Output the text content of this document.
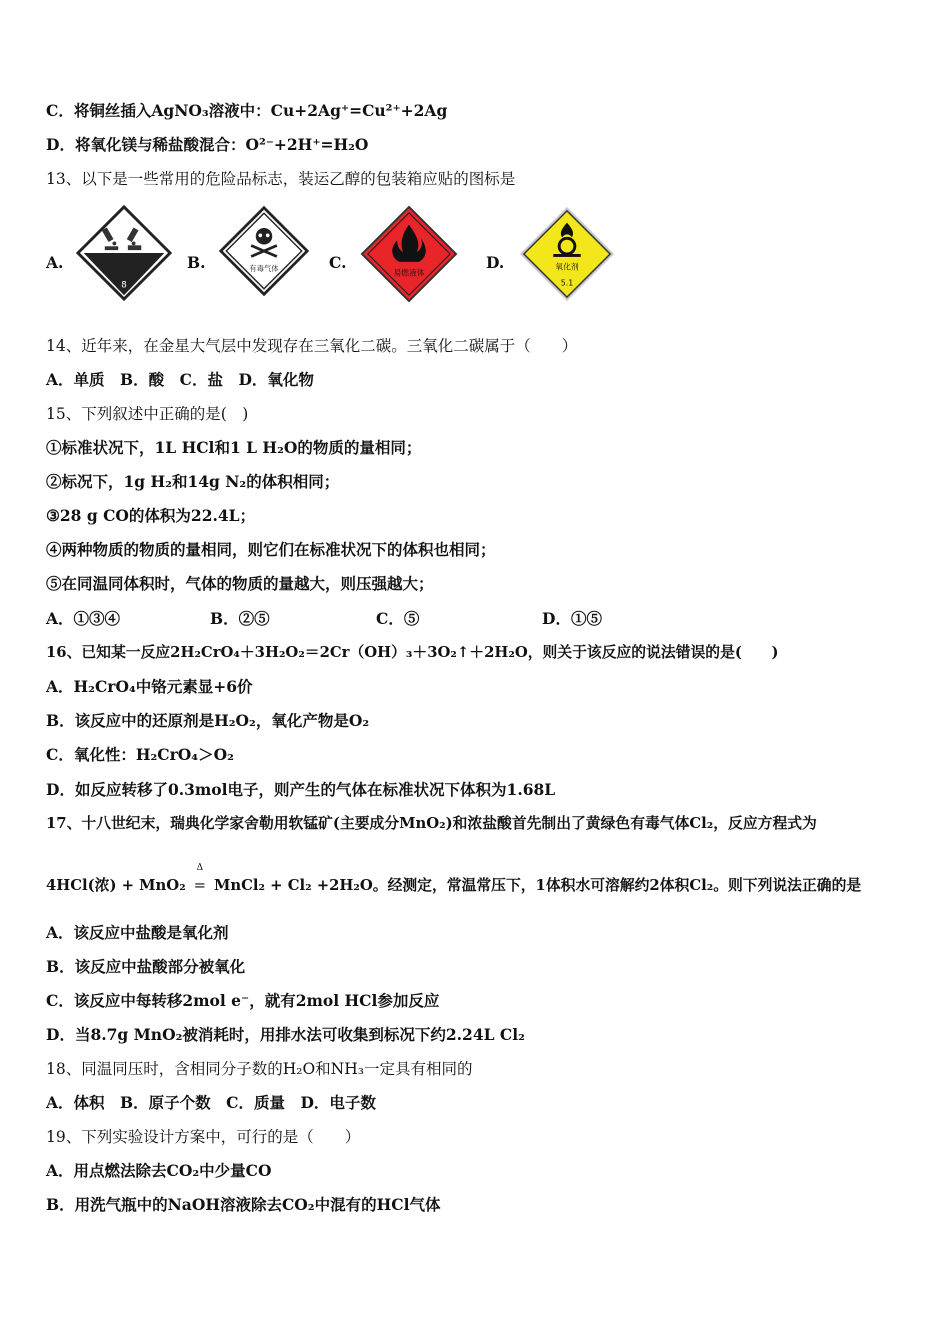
C．将铜丝插入AgNO₃溶液中：Cu+2Ag⁺=Cu²⁺+2Ag
D．将氧化镁与稀盐酸混合：O²⁻+2H⁺=H₂O
13、以下是一些常用的危险品标志，装运乙醇的包装箱应贴的图标是
A.
8
B.	有毒气体	C.
易燃液体
D.	氧化剂
5.1
14、近年来，在金星大气层中发现存在三氧化二碳。三氧化二碳属于（　　）
A．单质　B．酸　C．盐　D．氧化物
15、下列叙述中正确的是(　)
①标准状况下，1L HCl和1 L H₂O的物质的量相同；
②标况下，1g H₂和14g N₂的体积相同；
③28 g CO的体积为22.4L；
④两种物质的物质的量相同，则它们在标准状况下的体积也相同；
⑤在同温同体积时，气体的物质的量越大，则压强越大；
A．①③④	B．②⑤	C．⑤	D．①⑤
16、已知某一反应2H₂CrO₄＋3H₂O₂＝2Cr（OH）₃＋3O₂↑＋2H₂O，则关于该反应的说法错误的是(　　)
A．H₂CrO₄中铬元素显+6价
B．该反应中的还原剂是H₂O₂，氧化产物是O₂
C．氧化性：H₂CrO₄＞O₂
D．如反应转移了0.3mol电子，则产生的气体在标准状况下体积为1.68L
17、十八世纪末，瑞典化学家舍勒用软锰矿(主要成分MnO₂)和浓盐酸首先制出了黄绿色有毒气体Cl₂，反应方程式为
4HCl(浓) + MnO₂
Δ
= MnCl₂ + Cl₂ +2H₂O。经测定，常温常压下，1体积水可溶解约2体积Cl₂。则下列说法正确的是
A．该反应中盐酸是氧化剂
B．该反应中盐酸部分被氧化
C．该反应中每转移2mol e⁻，就有2mol HCl参加反应
D．当8.7g MnO₂被消耗时，用排水法可收集到标况下约2.24L Cl₂
18、同温同压时，含相同分子数的H₂O和NH₃一定具有相同的
A．体积　B．原子个数　C．质量　D．电子数
19、下列实验设计方案中，可行的是（　　）
A．用点燃法除去CO₂中少量CO
B．用洗气瓶中的NaOH溶液除去CO₂中混有的HCl气体
